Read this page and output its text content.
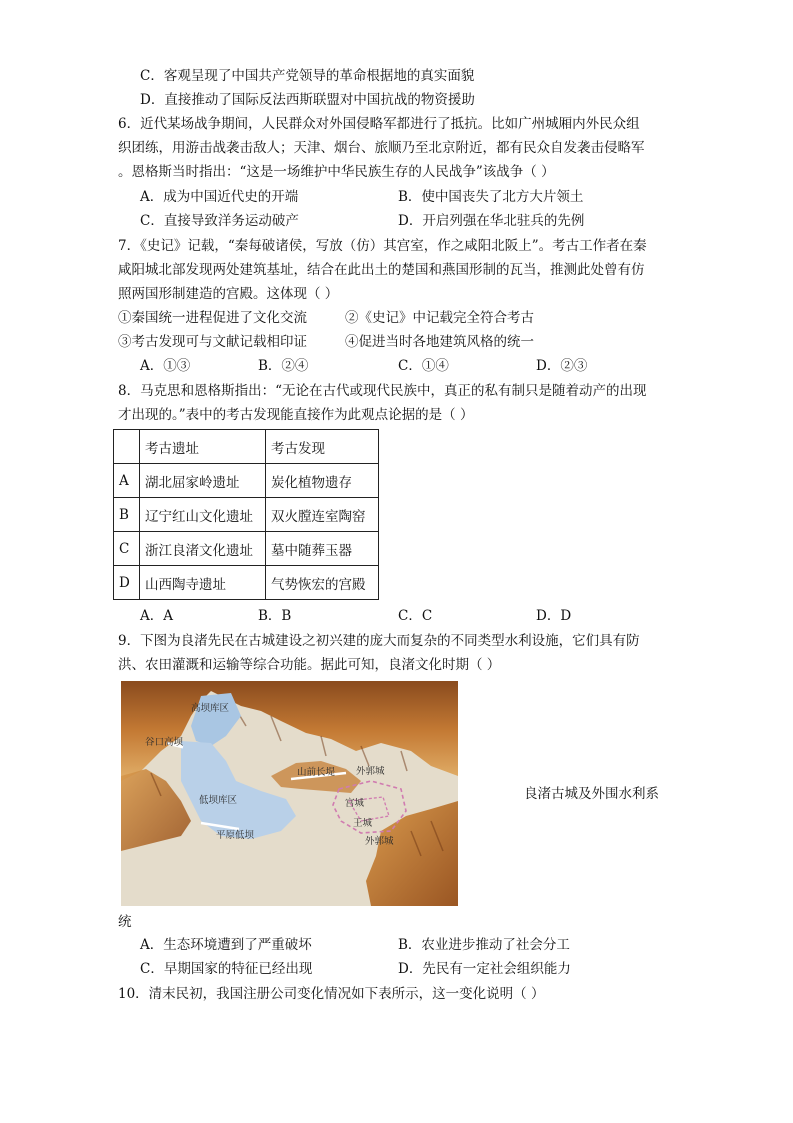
C．客观呈现了中国共产党领导的革命根据地的真实面貌
D．直接推动了国际反法西斯联盟对中国抗战的物资援助
6．近代某场战争期间，人民群众对外国侵略军都进行了抵抗。比如广州城厢内外民众组
织团练，用游击战袭击敌人；天津、烟台、旅顺乃至北京附近，都有民众自发袭击侵略军
。恩格斯当时指出：“这是一场维护中华民族生存的人民战争”该战争（ ）
A．成为中国近代史的开端	B．使中国丧失了北方大片领土
C．直接导致洋务运动破产	D．开启列强在华北驻兵的先例
7．《史记》记载，“秦每破诸侯，写放（仿）其宫室，作之咸阳北阪上”。考古工作者在秦
咸阳城北部发现两处建筑基址，结合在此出土的楚国和燕国形制的瓦当，推测此处曾有仿
照两国形制建造的宫殿。这体现（ ）
①秦国统一进程促进了文化交流	②《史记》中记载完全符合考古
③考古发现可与文献记载相印证	④促进当时各地建筑风格的统一
A．①③	B．②④	C．①④	D．②③
8．马克思和恩格斯指出：“无论在古代或现代民族中，真正的私有制只是随着动产的出现
才出现的。”表中的考古发现能直接作为此观点论据的是（ ）
	考古遗址	考古发现
A	湖北屈家岭遗址	炭化植物遗存
B	辽宁红山文化遗址	双火膛连室陶窑
C	浙江良渚文化遗址	墓中随葬玉器
D	山西陶寺遗址	气势恢宏的宫殿
A．A	B．B	C．C	D．D
9．下图为良渚先民在古城建设之初兴建的庞大而复杂的不同类型水利设施，它们具有防
洪、农田灌溉和运输等综合功能。据此可知，良渚文化时期（ ）
高坝库区
谷口高坝
山前长堤 外郭城
低坝库区	宫城
王城
平原低坝
外郭城
良渚古城及外围水利系
统
A．生态环境遭到了严重破坏	B．农业进步推动了社会分工
C．早期国家的特征已经出现	D．先民有一定社会组织能力
10．清末民初，我国注册公司变化情况如下表所示，这一变化说明（ ）
